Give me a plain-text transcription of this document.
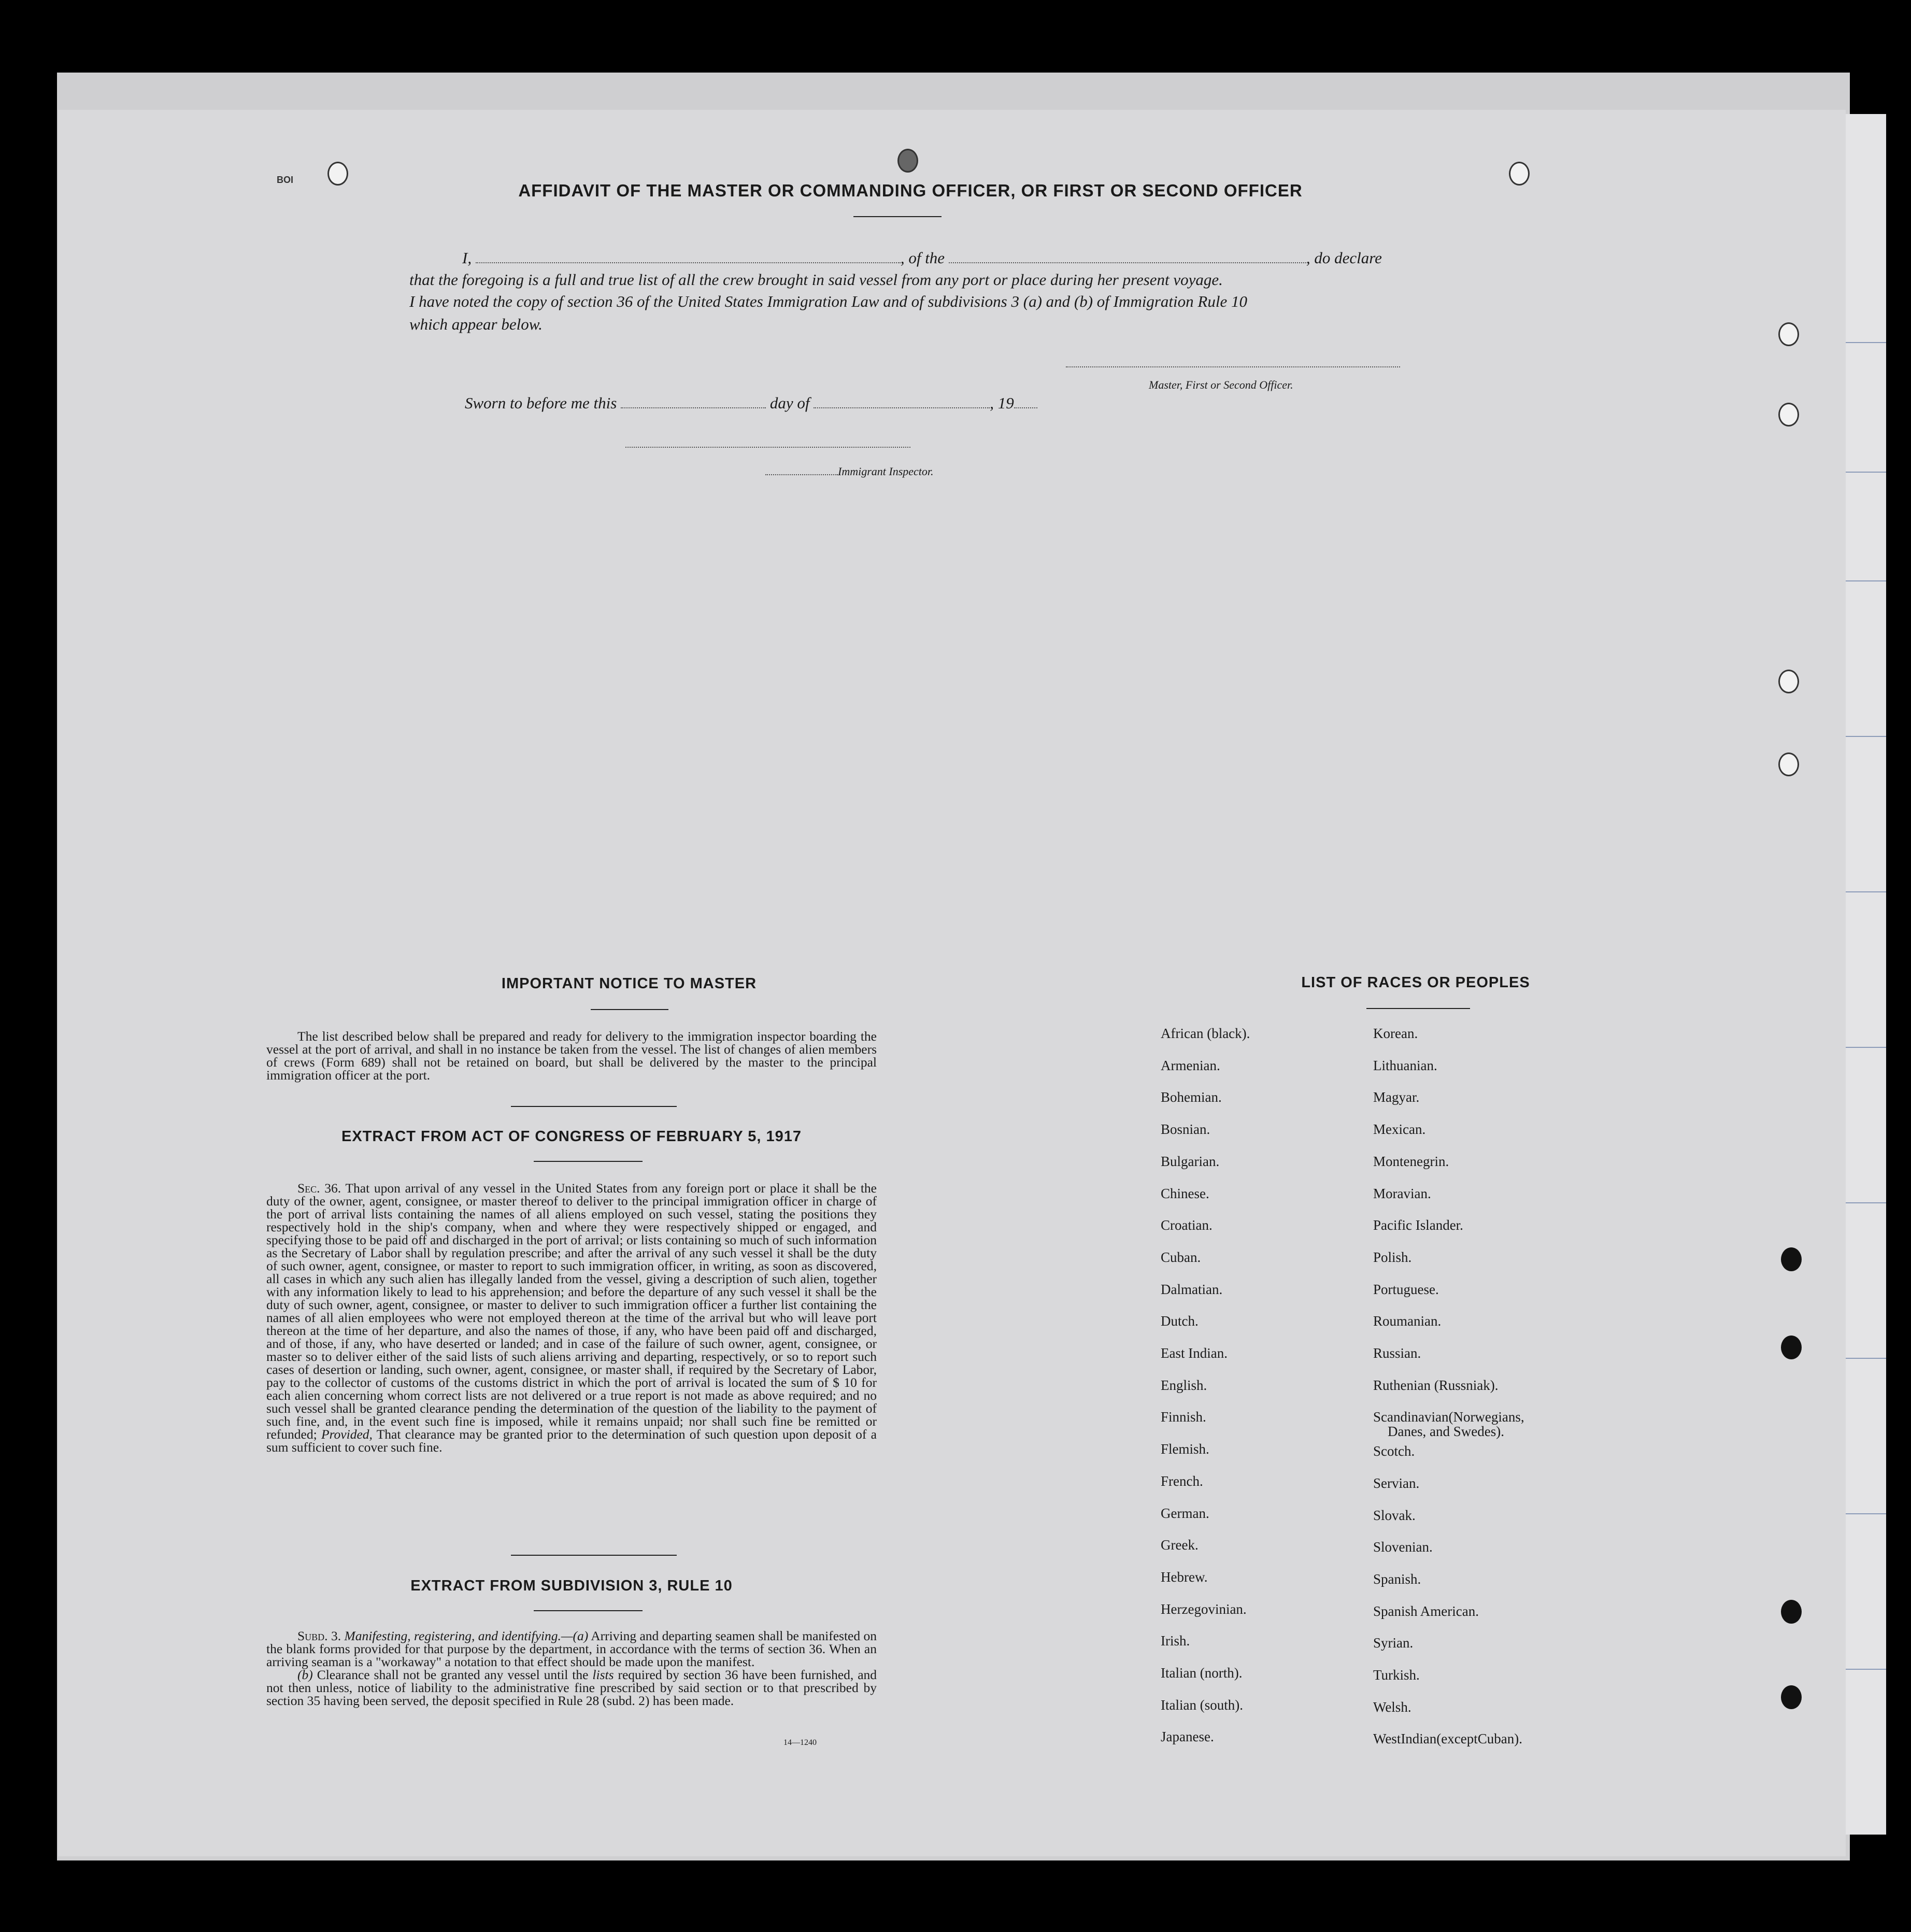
BOI
AFFIDAVIT OF THE MASTER OR COMMANDING OFFICER, OR FIRST OR SECOND OFFICER
I,	, of the	, do declare
that the foregoing is a full and true list of all the crew brought in said vessel from any port or place during her present voyage.
I have noted the copy of section 36 of the United States Immigration Law and of subdivisions 3 (a) and (b) of Immigration Rule 10
which appear below.
Master, First or Second Officer.
Sworn to before me this	day of	, 19
Immigrant Inspector.
IMPORTANT NOTICE TO MASTER

The list described below shall be prepared and ready for delivery to the immigration inspector boarding the vessel at the port of arrival, and shall in no instance be taken from the vessel. The list of changes of alien members of crews (Form 689) shall not be retained on board, but shall be delivered by the master to the principal immigration officer at the port.

EXTRACT FROM ACT OF CONGRESS OF FEBRUARY 5, 1917

Sec. 36. That upon arrival of any vessel in the United States from any foreign port or place it shall be the duty of the owner, agent, consignee, or master thereof to deliver to the principal immigration officer in charge of the port of arrival lists containing the names of all aliens employed on such vessel, stating the positions they respectively hold in the ship's company, when and where they were respectively shipped or engaged, and specifying those to be paid off and discharged in the port of arrival; or lists containing so much of such information as the Secretary of Labor shall by regulation prescribe; and after the arrival of any such vessel it shall be the duty of such owner, agent, consignee, or master to report to such immigration officer, in writing, as soon as discovered, all cases in which any such alien has illegally landed from the vessel, giving a description of such alien, together with any information likely to lead to his apprehension; and before the departure of any such vessel it shall be the duty of such owner, agent, consignee, or master to deliver to such immigration officer a further list containing the names of all alien employees who were not employed thereon at the time of the arrival but who will leave port thereon at the time of her departure, and also the names of those, if any, who have been paid off and discharged, and of those, if any, who have deserted or landed; and in case of the failure of such owner, agent, consignee, or master so to deliver either of the said lists of such aliens arriving and departing, respectively, or so to report such cases of desertion or landing, such owner, agent, consignee, or master shall, if required by the Secretary of Labor, pay to the collector of customs of the customs district in which the port of arrival is located the sum of $ 10 for each alien concerning whom correct lists are not delivered or a true report is not made as above required; and no such vessel shall be granted clearance pending the determination of the question of the liability to the payment of such fine, and, in the event such fine is imposed, while it remains unpaid; nor shall such fine be remitted or refunded; Provided, That clearance may be granted prior to the determination of such question upon deposit of a sum sufficient to cover such fine.

EXTRACT FROM SUBDIVISION 3, RULE 10

Subd. 3. Manifesting, registering, and identifying.—(a) Arriving and departing seamen shall be manifested on the blank forms provided for that purpose by the department, in accordance with the terms of section 36. When an arriving seaman is a "workaway" a notation to that effect should be made upon the manifest.

(b) Clearance shall not be granted any vessel until the lists required by section 36 have been furnished, and not then unless, notice of liability to the administrative fine prescribed by said section or to that prescribed by section 35 having been served, the deposit specified in Rule 28 (subd. 2) has been made.

14—1240
LIST OF RACES OR PEOPLES
African (black).
Armenian.
Bohemian.
Bosnian.
Bulgarian.
Chinese.
Croatian.
Cuban.
Dalmatian.
Dutch.
East Indian.
English.
Finnish.
Flemish.
French.
German.
Greek.
Hebrew.
Herzegovinian.
Irish.
Italian (north).
Italian (south).
Japanese.
Korean.
Lithuanian.
Magyar.
Mexican.
Montenegrin.
Moravian.
Pacific Islander.
Polish.
Portuguese.
Roumanian.
Russian.
Ruthenian (Russniak).
Scandinavian(Norwegians,
Scotch.
Servian.
Slovak.
Slovenian.
Spanish.
Spanish American.
Syrian.
Turkish.
Welsh.
WestIndian(exceptCuban).
Danes, and Swedes).
